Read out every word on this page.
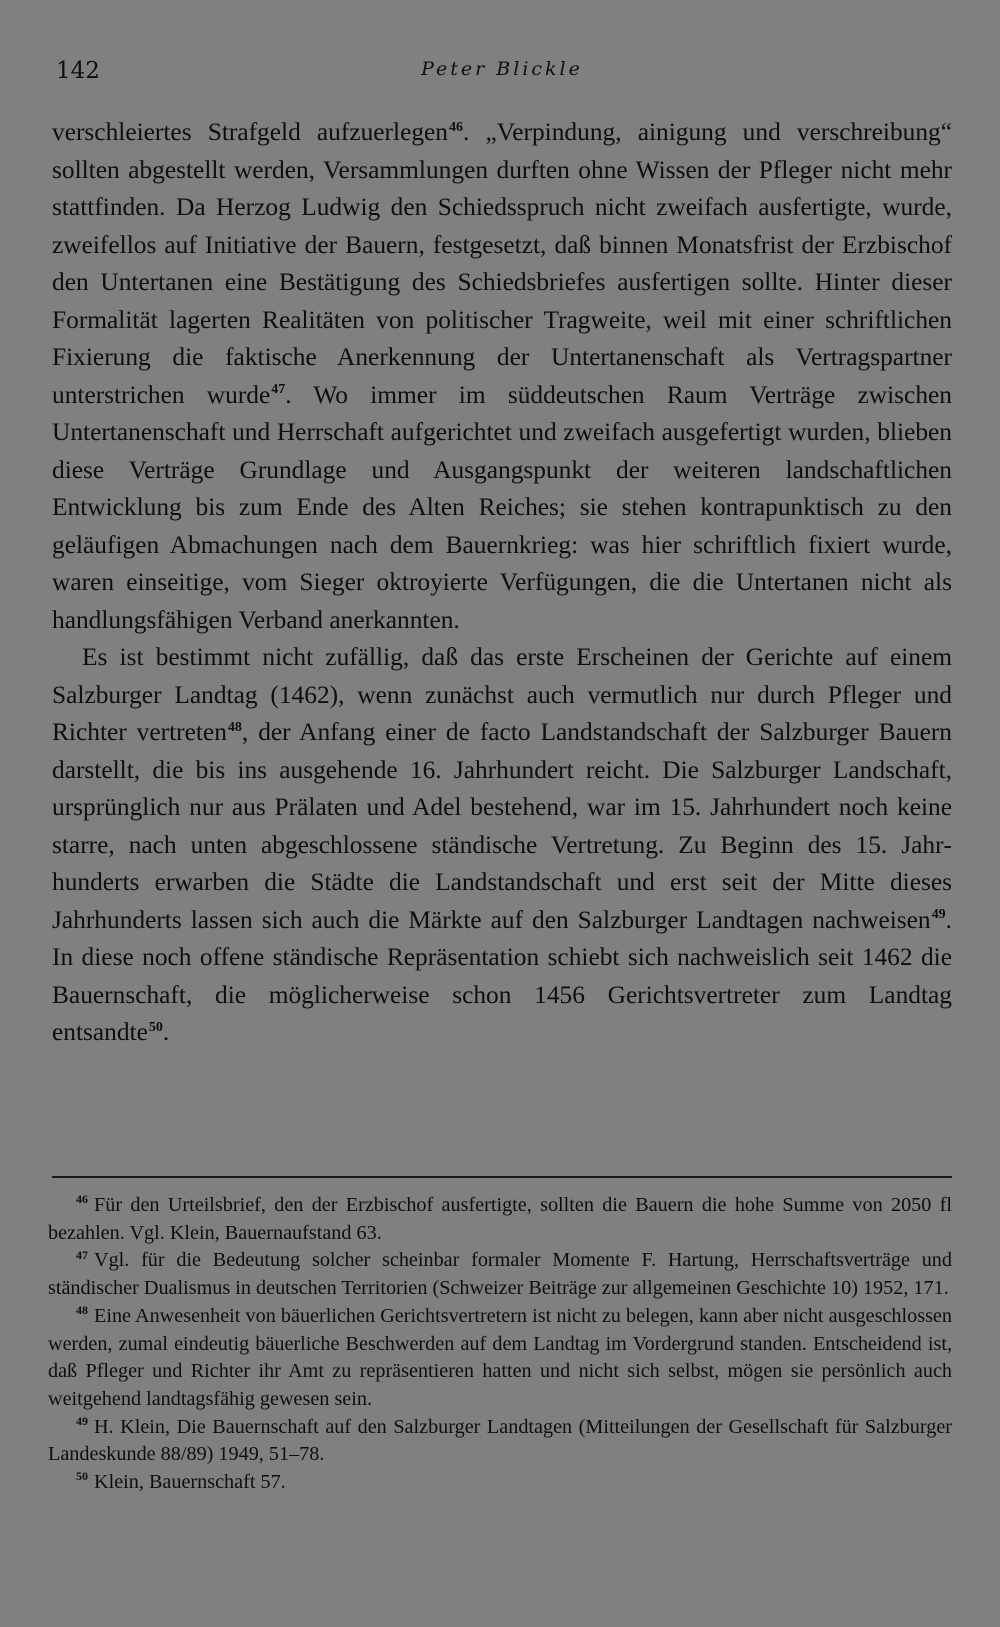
142	Peter Blickle

verschleiertes Strafgeld aufzuerlegen$^{46}$. „Verpindung, ainigung und verschreibung“ sollten abgestellt werden, Versammlungen durften ohne Wissen der Pfleger nicht mehr stattfinden. Da Herzog Ludwig den Schiedsspruch nicht zweifach ausfertigte, wurde, zweifellos auf Initiative der Bauern, festgesetzt, daß binnen Monatsfrist der Erzbischof den Untertanen eine Bestätigung des Schiedsbriefes ausfertigen sollte. Hinter dieser Formalität lagerten Realitäten von politischer Tragweite, weil mit einer schriftlichen Fixierung die faktische Anerkennung der Untertanenschaft als Vertragspartner unterstrichen wurde$^{47}$. Wo immer im süddeutschen Raum Verträge zwischen Untertanenschaft und Herrschaft aufgerichtet und zweifach ausgefertigt wurden, blieben diese Verträge Grundlage und Ausgangspunkt der weiteren landschaftlichen Entwicklung bis zum Ende des Alten Reiches; sie stehen kontrapunktisch zu den geläufigen Abmachungen nach dem Bauernkrieg: was hier schriftlich fixiert wurde, waren einseitige, vom Sieger oktroyierte Verfügungen, die die Untertanen nicht als handlungsfähigen Verband anerkannten.

Es ist bestimmt nicht zufällig, daß das erste Erscheinen der Gerichte auf einem Salzburger Landtag (1462), wenn zunächst auch vermutlich nur durch Pfleger und Richter vertreten$^{48}$, der Anfang einer de facto Landstandschaft der Salzburger Bauern darstellt, die bis ins ausgehende 16. Jahrhundert reicht. Die Salzburger Landschaft, ursprünglich nur aus Prälaten und Adel bestehend, war im 15. Jahrhundert noch keine starre, nach unten abgeschlossene ständische Vertretung. Zu Beginn des 15. Jahrhunderts erwarben die Städte die Landstandschaft und erst seit der Mitte dieses Jahrhunderts lassen sich auch die Märkte auf den Salzburger Landtagen nachweisen$^{49}$. In diese noch offene ständische Repräsentation schiebt sich nachweislich seit 1462 die Bauernschaft, die möglicherweise schon 1456 Gerichtsvertreter zum Landtag entsandte$^{50}$.

$^{46}$ Für den Urteilsbrief, den der Erzbischof ausfertigte, sollten die Bauern die hohe Summe von 2050 fl bezahlen. Vgl. Klein, Bauernaufstand 63.

$^{47}$ Vgl. für die Bedeutung solcher scheinbar formaler Momente F. Hartung, Herrschaftsverträge und ständischer Dualismus in deutschen Territorien (Schweizer Beiträge zur allgemeinen Geschichte 10) 1952, 171.

$^{48}$ Eine Anwesenheit von bäuerlichen Gerichtsvertretern ist nicht zu belegen, kann aber nicht ausgeschlossen werden, zumal eindeutig bäuerliche Beschwerden auf dem Landtag im Vordergrund standen. Entscheidend ist, daß Pfleger und Richter ihr Amt zu repräsentieren hatten und nicht sich selbst, mögen sie persönlich auch weitgehend landtagsfähig gewesen sein.

$^{49}$ H. Klein, Die Bauernschaft auf den Salzburger Landtagen (Mitteilungen der Gesellschaft für Salzburger Landeskunde 88/89) 1949, 51–78.

$^{50}$ Klein, Bauernschaft 57.
